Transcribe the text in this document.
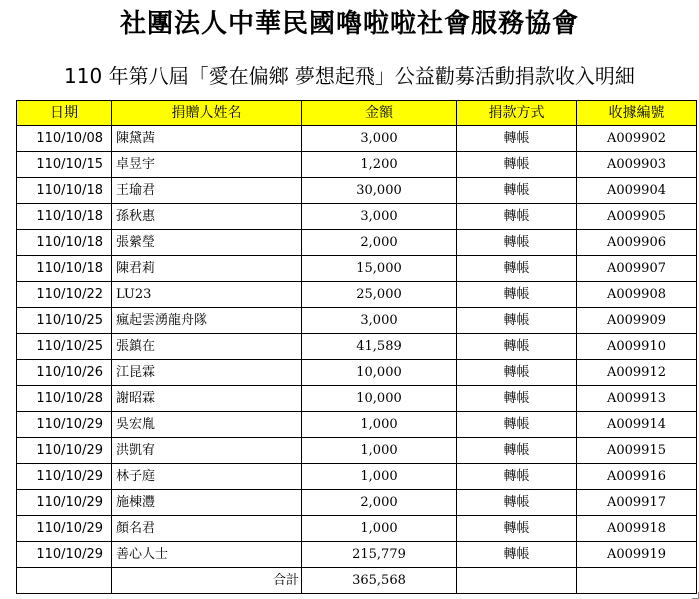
社團法人中華民國嚕啦啦社會服務協會
110 年第八屆「愛在偏鄉 夢想起飛」公益勸募活動捐款收入明細
日期	捐贈人姓名	金額	捐款方式	收據編號
110/10/08	陳黛茜	3,000	轉帳	A009902
110/10/15	卓昱宇	1,200	轉帳	A009903
110/10/18	王瑜君	30,000	轉帳	A009904
110/10/18	孫秋惠	3,000	轉帳	A009905
110/10/18	張縈瑩	2,000	轉帳	A009906
110/10/18	陳君莉	15,000	轉帳	A009907
110/10/22	LU23	25,000	轉帳	A009908
110/10/25	瘋起雲湧龍舟隊	3,000	轉帳	A009909
110/10/25	張鎮在	41,589	轉帳	A009910
110/10/26	江昆霖	10,000	轉帳	A009912
110/10/28	謝昭霖	10,000	轉帳	A009913
110/10/29	吳宏胤	1,000	轉帳	A009914
110/10/29	洪凱宥	1,000	轉帳	A009915
110/10/29	林子庭	1,000	轉帳	A009916
110/10/29	施棟灃	2,000	轉帳	A009917
110/10/29	顏名君	1,000	轉帳	A009918
110/10/29	善心人士	215,779	轉帳	A009919
	合計	365,568		
